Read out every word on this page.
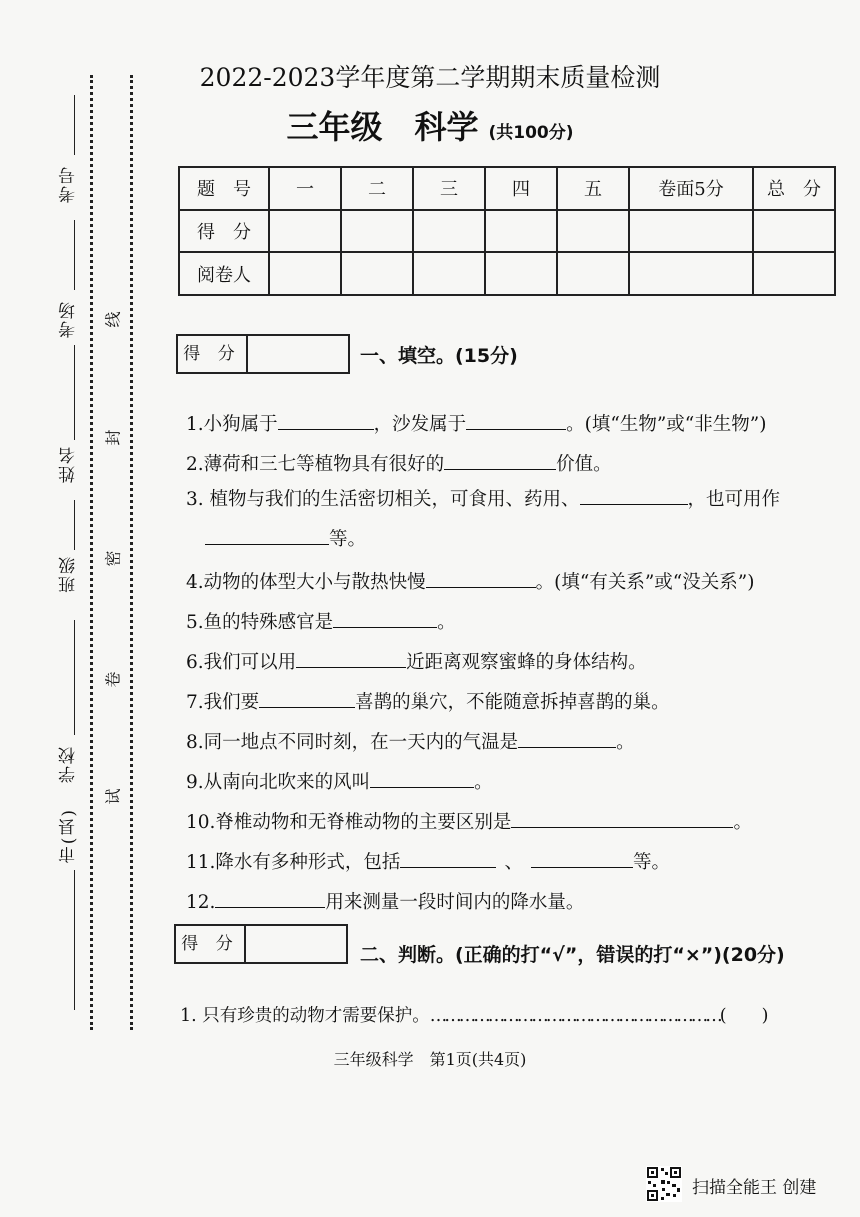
考号
考场
姓名
班级
学校
市(县)
线
封
密
卷
试
2022-2023学年度第二学期期末质量检测
三年级　科学 (共100分)
题　号	一	二	三	四	五	卷面5分	总　分
得　分							
阅卷人							
得 分	一、填空。(15分)
1.小狗属于	，沙发属于	。(填“生物”或“非生物”)
2.薄荷和三七等植物具有很好的	价值。
3. 植物与我们的生活密切相关，可食用、药用、	，也可用作
等。
4.动物的体型大小与散热快慢	。(填“有关系”或“没关系”)
5.鱼的特殊感官是	。
6.我们可以用	近距离观察蜜蜂的身体结构。
7.我们要	喜鹊的巢穴，不能随意拆掉喜鹊的巢。
8.同一地点不同时刻，在一天内的气温是	。
9.从南向北吹来的风叫	。
10.脊椎动物和无脊椎动物的主要区别是	。
11.降水有多种形式，包括	、	等。
12.	用来测量一段时间内的降水量。
得 分	二、判断。(正确的打“√”，错误的打“×”)(20分)
1. 只有珍贵的动物才需要保护。……………………………………………………(　　)
三年级科学　第1页(共4页)
扫描全能王 创建
